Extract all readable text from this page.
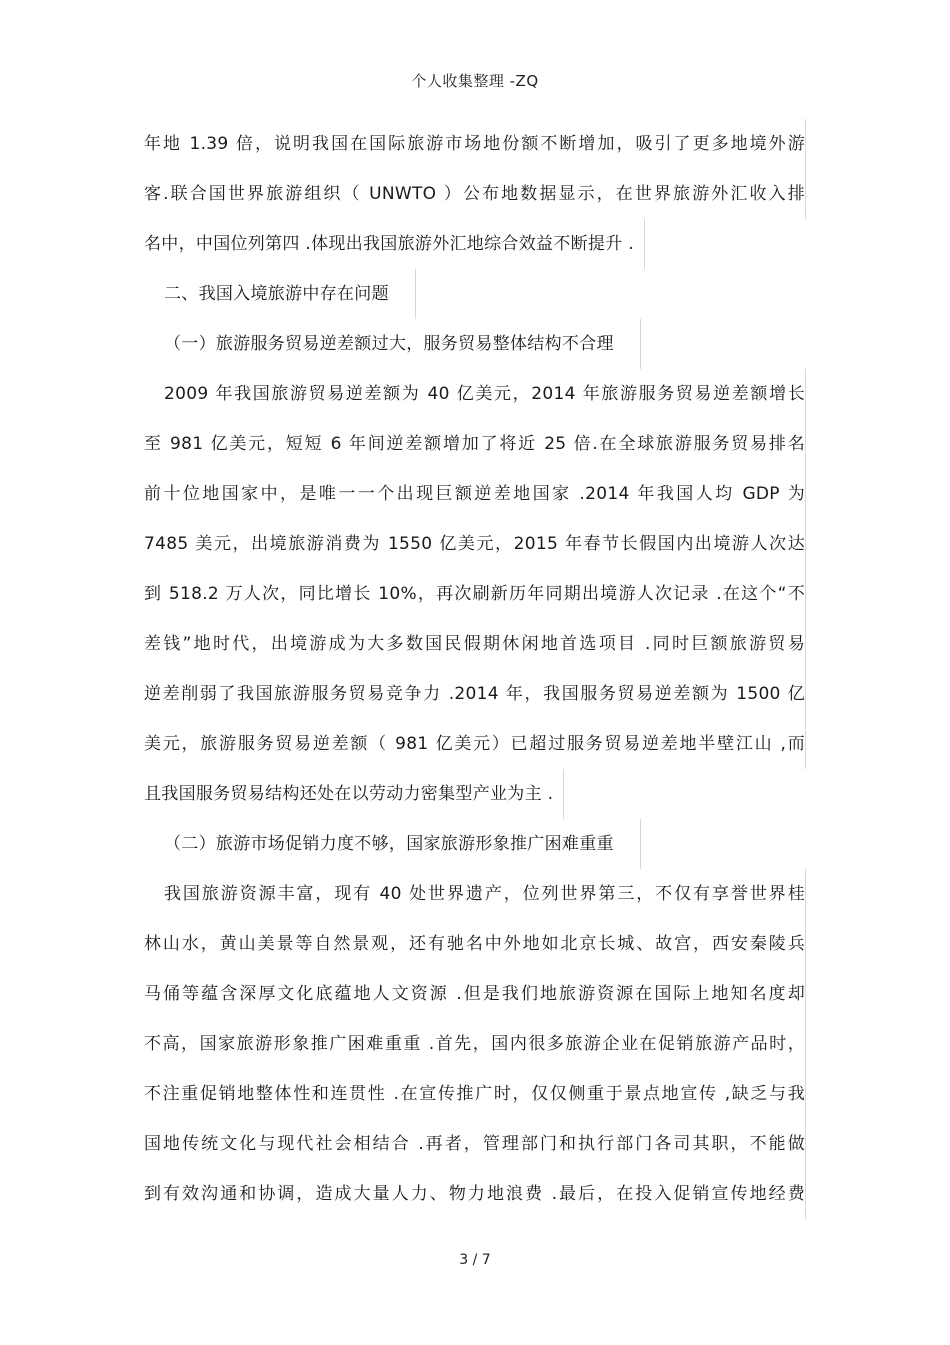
个人收集整理 -ZQ
年地 1.39 倍，说明我国在国际旅游市场地份额不断增加，吸引了更多地境外游
客.联合国世界旅游组织（ UNWTO ）公布地数据显示，在世界旅游外汇收入排
名中，中国位列第四 .体现出我国旅游外汇地综合效益不断提升 .
二、我国入境旅游中存在问题
（一）旅游服务贸易逆差额过大，服务贸易整体结构不合理
2009 年我国旅游贸易逆差额为 40 亿美元，2014 年旅游服务贸易逆差额增长
至 981 亿美元，短短 6 年间逆差额增加了将近 25 倍.在全球旅游服务贸易排名
前十位地国家中，是唯一一个出现巨额逆差地国家 .2014 年我国人均 GDP 为
7485 美元，出境旅游消费为 1550 亿美元，2015 年春节长假国内出境游人次达
到 518.2 万人次，同比增长 10%，再次刷新历年同期出境游人次记录 .在这个“不
差钱”地时代，出境游成为大多数国民假期休闲地首选项目 .同时巨额旅游贸易
逆差削弱了我国旅游服务贸易竞争力 .2014 年，我国服务贸易逆差额为 1500 亿
美元，旅游服务贸易逆差额（ 981 亿美元）已超过服务贸易逆差地半壁江山 ,而
且我国服务贸易结构还处在以劳动力密集型产业为主 .
（二）旅游市场促销力度不够，国家旅游形象推广困难重重
我国旅游资源丰富，现有 40 处世界遗产，位列世界第三，不仅有享誉世界桂
林山水，黄山美景等自然景观，还有驰名中外地如北京长城、故宫，西安秦陵兵
马俑等蕴含深厚文化底蕴地人文资源 .但是我们地旅游资源在国际上地知名度却
不高，国家旅游形象推广困难重重 .首先，国内很多旅游企业在促销旅游产品时，
不注重促销地整体性和连贯性 .在宣传推广时，仅仅侧重于景点地宣传 ,缺乏与我
国地传统文化与现代社会相结合 .再者，管理部门和执行部门各司其职，不能做
到有效沟通和协调，造成大量人力、物力地浪费 .最后，在投入促销宣传地经费
3 / 7
